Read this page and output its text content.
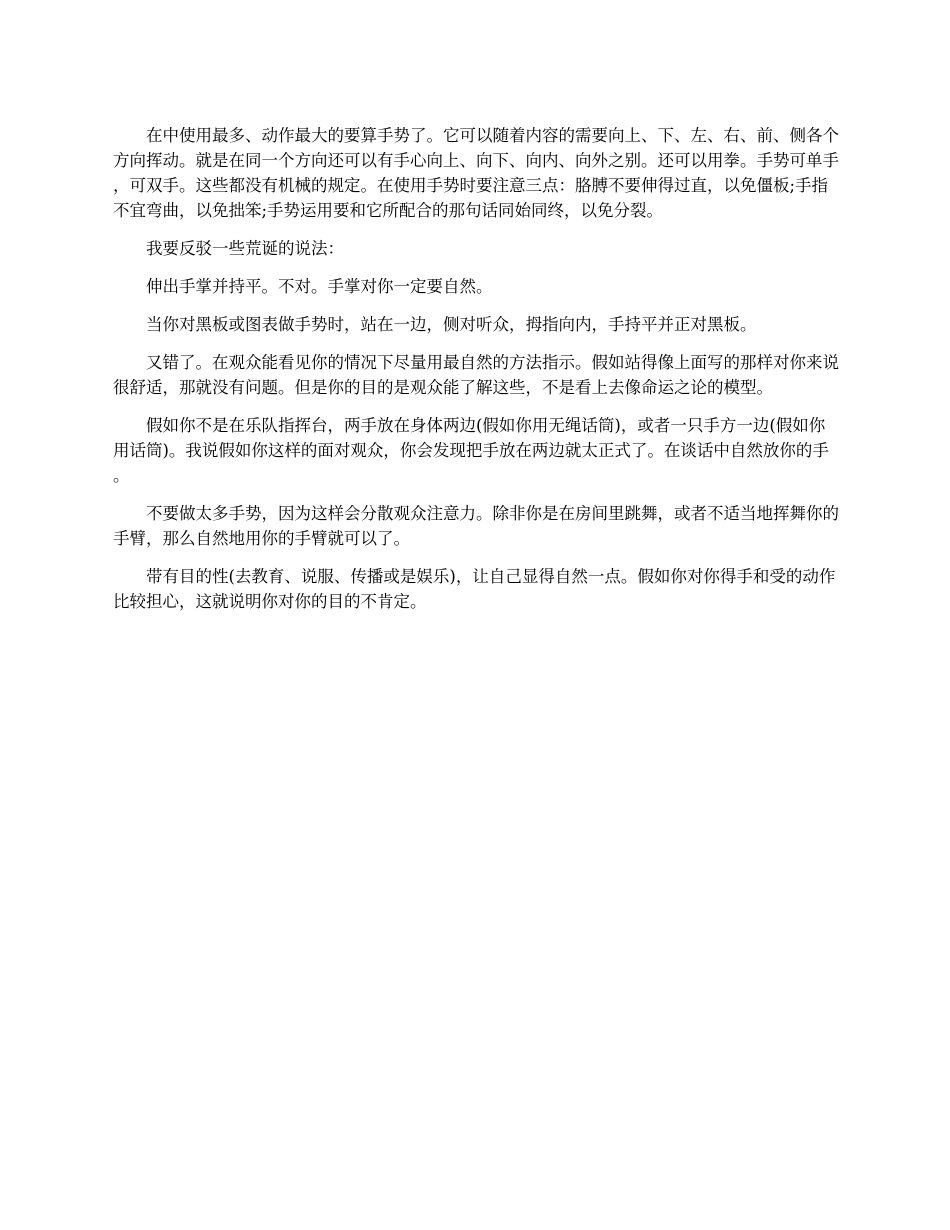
在中使用最多、动作最大的要算手势了。它可以随着内容的需要向上、下、左、右、前、侧各个方向挥动。就是在同一个方向还可以有手心向上、向下、向内、向外之别。还可以用拳。手势可单手，可双手。这些都没有机械的规定。在使用手势时要注意三点：胳膊不要伸得过直，以免僵板;手指不宜弯曲，以免拙笨;手势运用要和它所配合的那句话同始同终，以免分裂。

我要反驳一些荒诞的说法：

伸出手掌并持平。不对。手掌对你一定要自然。

当你对黑板或图表做手势时，站在一边，侧对听众，拇指向内，手持平并正对黑板。

又错了。在观众能看见你的情况下尽量用最自然的方法指示。假如站得像上面写的那样对你来说很舒适，那就没有问题。但是你的目的是观众能了解这些，不是看上去像命运之论的模型。

假如你不是在乐队指挥台，两手放在身体两边(假如你用无绳话筒)，或者一只手方一边(假如你用话筒)。我说假如你这样的面对观众，你会发现把手放在两边就太正式了。在谈话中自然放你的手。

不要做太多手势，因为这样会分散观众注意力。除非你是在房间里跳舞，或者不适当地挥舞你的手臂，那么自然地用你的手臂就可以了。

带有目的性(去教育、说服、传播或是娱乐)，让自己显得自然一点。假如你对你得手和受的动作比较担心，这就说明你对你的目的不肯定。
